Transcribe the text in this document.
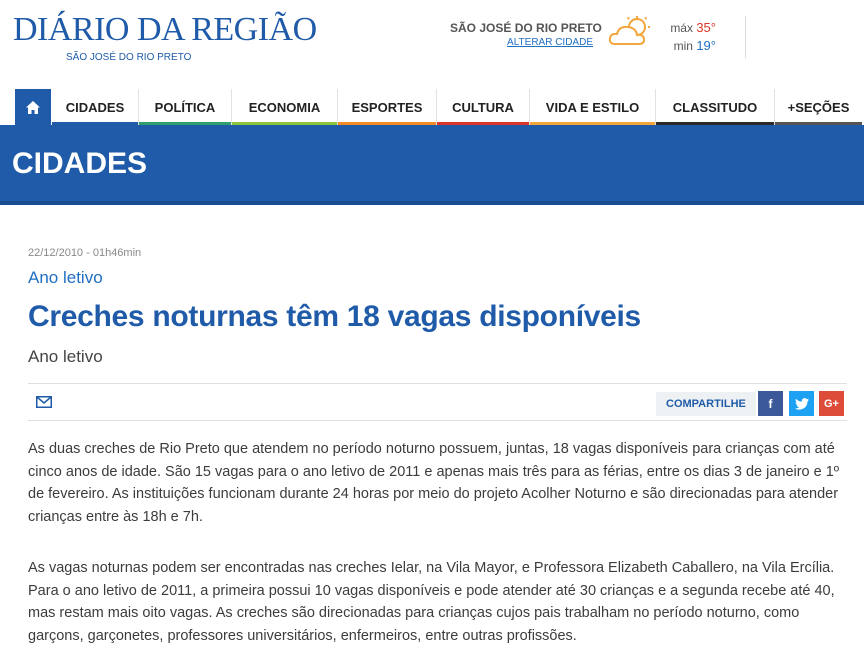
DIÁRIO DA REGIÃO
SÃO JOSÉ DO RIO PRETO
SÃO JOSÉ DO RIO PRETO
ALTERAR CIDADE
máx 35°
min 19°
CIDADES POLÍTICA	ECONOMIA ESPORTES CULTURA VIDA E ESTILO	CLASSITUDO +SEÇÕES
CIDADES
22/12/2010 - 01h46min
Ano letivo
Creches noturnas têm 18 vagas disponíveis
Ano letivo
COMPARTILHE	f	G+

As duas creches de Rio Preto que atendem no período noturno possuem, juntas, 18 vagas disponíveis para crianças com até cinco anos de idade. São 15 vagas para o ano letivo de 2011 e apenas mais três para as férias, entre os dias 3 de janeiro e 1º de fevereiro. As instituições funcionam durante 24 horas por meio do projeto Acolher Noturno e são direcionadas para atender crianças entre às 18h e 7h.

As vagas noturnas podem ser encontradas nas creches Ielar, na Vila Mayor, e Professora Elizabeth Caballero, na Vila Ercília. Para o ano letivo de 2011, a primeira possui 10 vagas disponíveis e pode atender até 30 crianças e a segunda recebe até 40, mas restam mais oito vagas. As creches são direcionadas para crianças cujos pais trabalham no período noturno, como garçons, garçonetes, professores universitários, enfermeiros, entre outras profissões.
